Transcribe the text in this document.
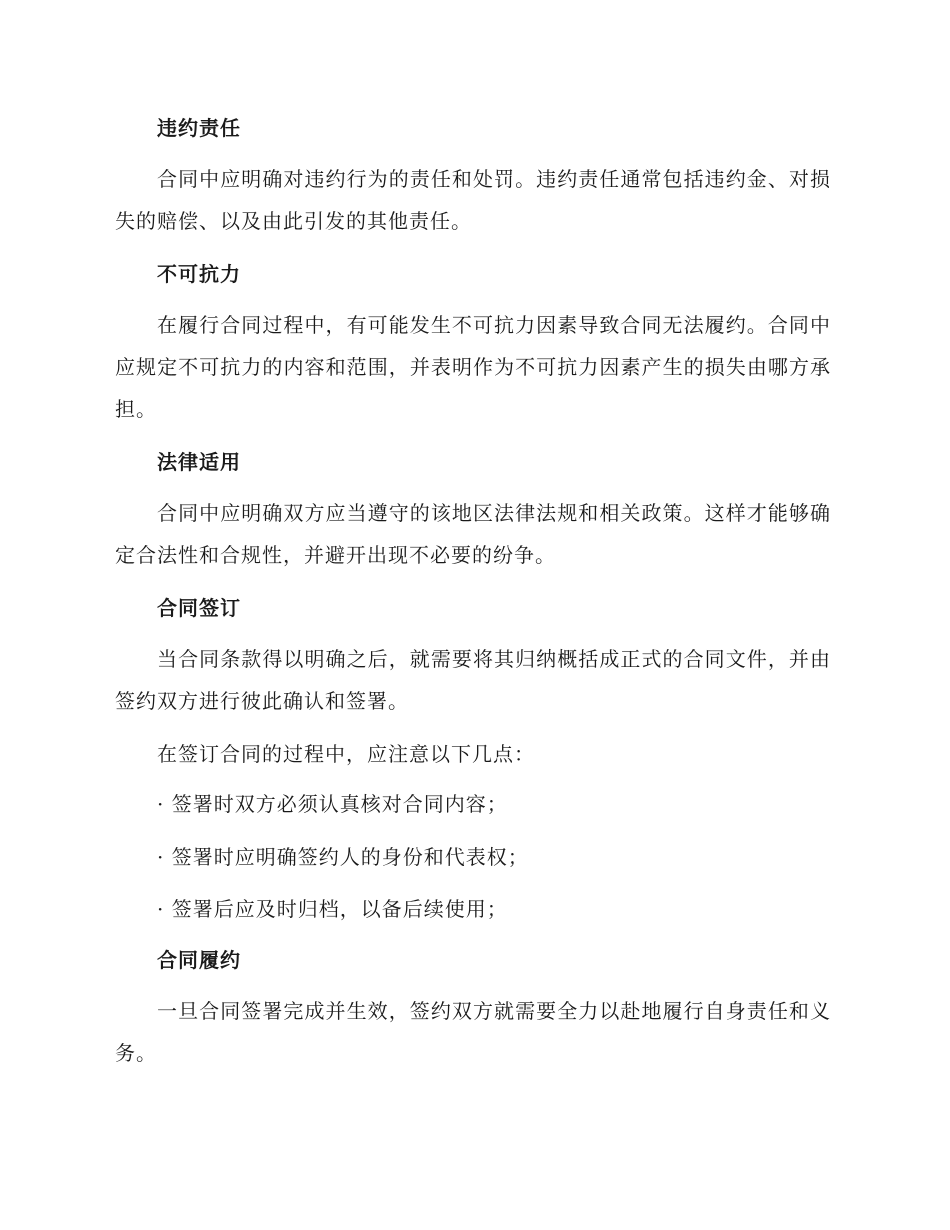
违约责任
合同中应明确对违约行为的责任和处罚。违约责任通常包括违约金、对损失的赔偿、以及由此引发的其他责任。
不可抗力
在履行合同过程中，有可能发生不可抗力因素导致合同无法履约。合同中应规定不可抗力的内容和范围，并表明作为不可抗力因素产生的损失由哪方承担。
法律适用
合同中应明确双方应当遵守的该地区法律法规和相关政策。这样才能够确定合法性和合规性，并避开出现不必要的纷争。
合同签订
当合同条款得以明确之后，就需要将其归纳概括成正式的合同文件，并由签约双方进行彼此确认和签署。
在签订合同的过程中，应注意以下几点：
· 签署时双方必须认真核对合同内容；
· 签署时应明确签约人的身份和代表权；
· 签署后应及时归档，以备后续使用；
合同履约
一旦合同签署完成并生效，签约双方就需要全力以赴地履行自身责任和义务。
